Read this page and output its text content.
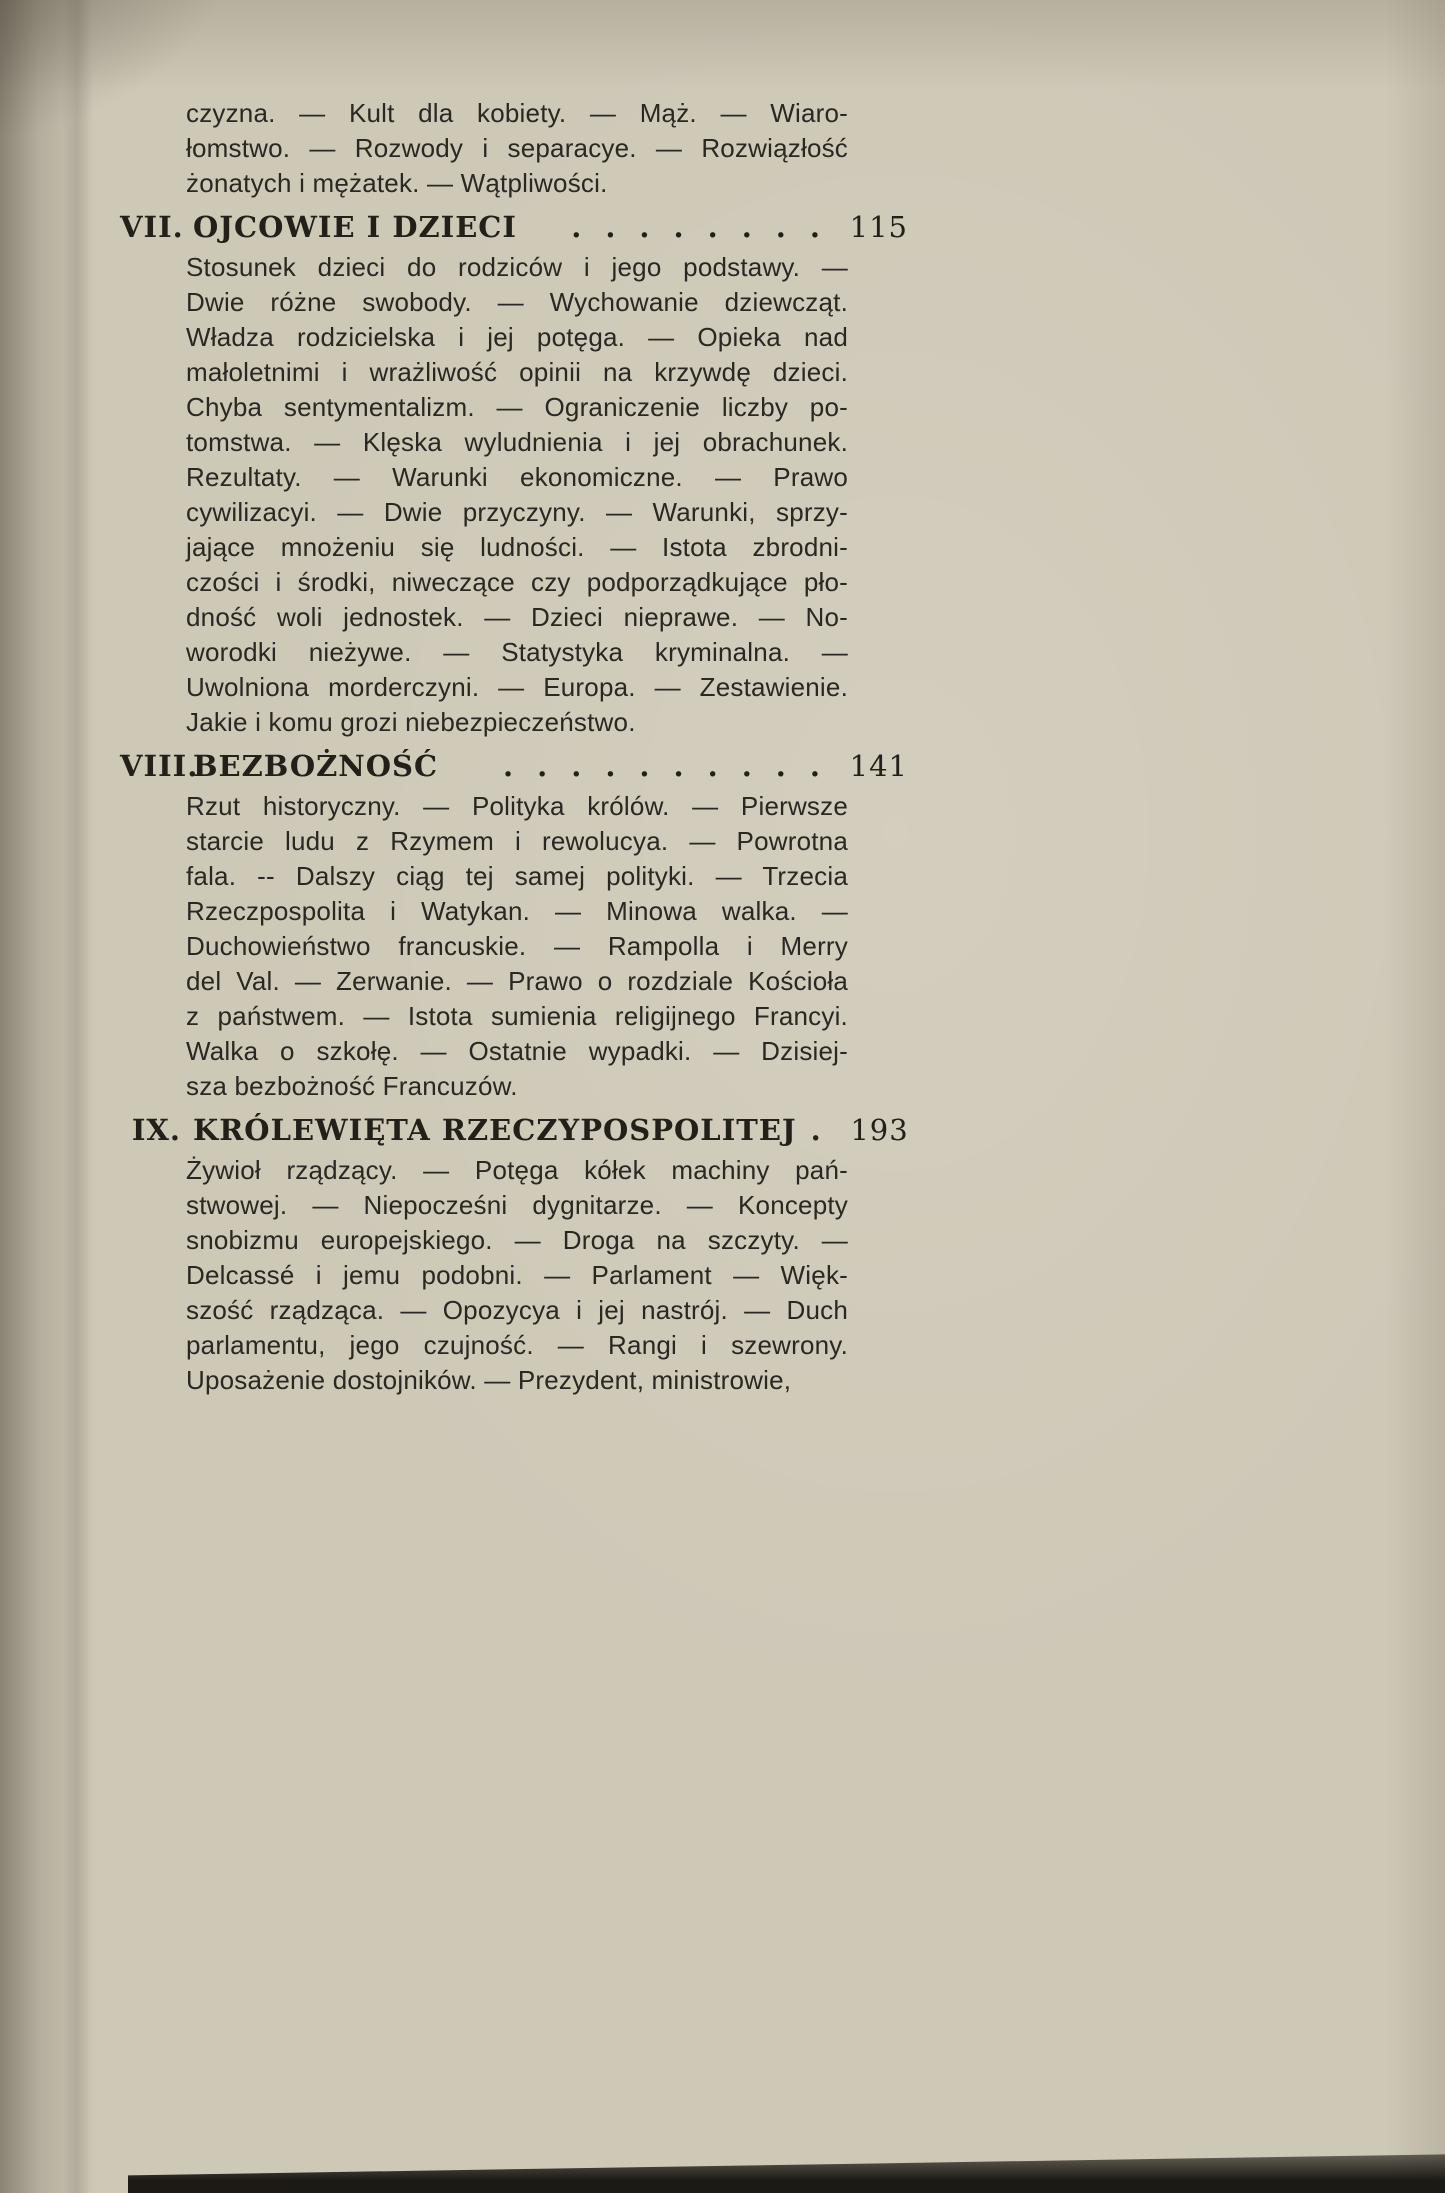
czyzna. — Kult dla kobiety. — Mąż. — Wiaro-
łomstwo. — Rozwody i separacye. — Rozwiązłość
żonatych i mężatek. — Wątpliwości.
VII. OJCOWIE I DZIECI	........ 115
Stosunek dzieci do rodziców i jego podstawy. —
Dwie różne swobody. — Wychowanie dziewcząt.
Władza rodzicielska i jej potęga. — Opieka nad
małoletnimi i wrażliwość opinii na krzywdę dzieci.
Chyba sentymentalizm. — Ograniczenie liczby po-
tomstwa. — Klęska wyludnienia i jej obrachunek.
Rezultaty. — Warunki ekonomiczne. — Prawo
cywilizacyi. — Dwie przyczyny. — Warunki, sprzy-
jające mnożeniu się ludności. — Istota zbrodni-
czości i środki, niweczące czy podporządkujące pło-
dność woli jednostek. — Dzieci nieprawe. — No-
worodki nieżywe. — Statystyka kryminalna. —
Uwolniona morderczyni. — Europa. — Zestawienie.
Jakie i komu grozi niebezpieczeństwo.
VIII.
BEZBOŻNOŚĆ	.......... 141
Rzut historyczny. — Polityka królów. — Pierwsze
starcie ludu z Rzymem i rewolucya. — Powrotna
fala. -- Dalszy ciąg tej samej polityki. — Trzecia
Rzeczpospolita i Watykan. — Minowa walka. —
Duchowieństwo francuskie. — Rampolla i Merry
del Val. — Zerwanie. — Prawo o rozdziale Kościoła
z państwem. — Istota sumienia religijnego Francyi.
Walka o szkołę. — Ostatnie wypadki. — Dzisiej-
sza bezbożność Francuzów.
IX. KRÓLEWIĘTA RZECZYPOSPOLITEJ . 193
Żywioł rządzący. — Potęga kółek machiny pań-
stwowej. — Niepocześni dygnitarze. — Koncepty
snobizmu europejskiego. — Droga na szczyty. —
Delcassé i jemu podobni. — Parlament — Więk-
szość rządząca. — Opozycya i jej nastrój. — Duch
parlamentu, jego czujność. — Rangi i szewrony.
Uposażenie dostojników. — Prezydent, ministrowie,
